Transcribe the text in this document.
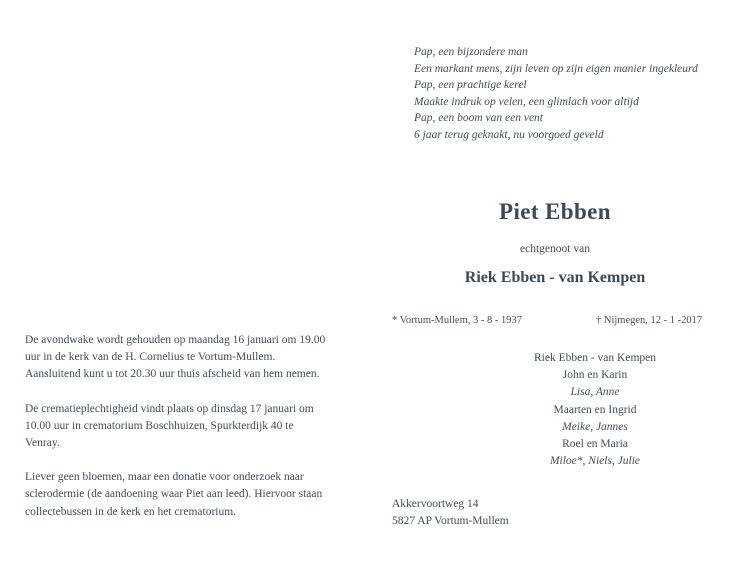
Pap, een bijzondere man
Een markant mens, zijn leven op zijn eigen manier ingekleurd
Pap, een prachtige kerel
Maakte indruk op velen, een glimlach voor altijd
Pap, een boom van een vent
6 jaar terug geknakt, nu voorgoed geveld
Piet Ebben
echtgenoot van
Riek Ebben - van Kempen
* Vortum-Mullem, 3 - 8 - 1937	† Nijmegen, 12 - 1 -2017
Riek Ebben - van Kempen
John en Karin
Lisa, Anne
Maarten en Ingrid
Meike, Jannes
Roel en Maria
Miloe*, Niels, Julie
Akkervoortweg 14
5827 AP Vortum-Mullem

De avondwake wordt gehouden op maandag 16 januari om 19.00 uur in de kerk van de H. Cornelius te Vortum-Mullem. Aansluitend kunt u tot 20.30 uur thuis afscheid van hem nemen.

De crematieplechtigheid vindt plaats op dinsdag 17 januari om 10.00 uur in crematorium Boschhuizen, Spurkterdijk 40 te Venray.

Liever geen bloemen, maar een donatie voor onderzoek naar sclerodermie (de aandoening waar Piet aan leed). Hiervoor staan collectebussen in de kerk en het crematorium.
